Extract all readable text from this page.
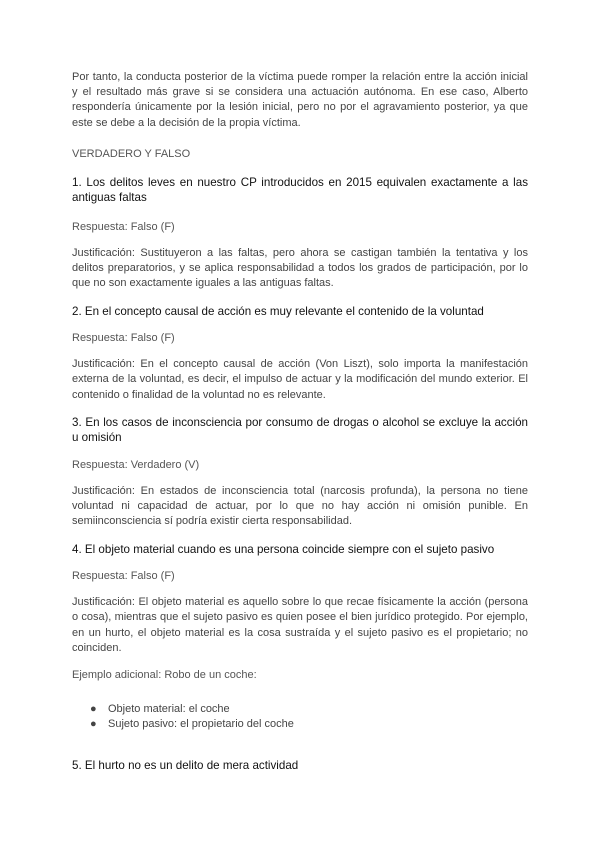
Por tanto, la conducta posterior de la víctima puede romper la relación entre la acción inicial y el resultado más grave si se considera una actuación autónoma. En ese caso, Alberto respondería únicamente por la lesión inicial, pero no por el agravamiento posterior, ya que este se debe a la decisión de la propia víctima.

VERDADERO Y FALSO

1. Los delitos leves en nuestro CP introducidos en 2015 equivalen exactamente a las antiguas faltas

Respuesta: Falso (F)

Justificación: Sustituyeron a las faltas, pero ahora se castigan también la tentativa y los delitos preparatorios, y se aplica responsabilidad a todos los grados de participación, por lo que no son exactamente iguales a las antiguas faltas.

2. En el concepto causal de acción es muy relevante el contenido de la voluntad

Respuesta: Falso (F)

Justificación: En el concepto causal de acción (Von Liszt), solo importa la manifestación externa de la voluntad, es decir, el impulso de actuar y la modificación del mundo exterior. El contenido o finalidad de la voluntad no es relevante.

3. En los casos de inconsciencia por consumo de drogas o alcohol se excluye la acción u omisión

Respuesta: Verdadero (V)

Justificación: En estados de inconsciencia total (narcosis profunda), la persona no tiene voluntad ni capacidad de actuar, por lo que no hay acción ni omisión punible. En semiinconsciencia sí podría existir cierta responsabilidad.

4. El objeto material cuando es una persona coincide siempre con el sujeto pasivo

Respuesta: Falso (F)

Justificación: El objeto material es aquello sobre lo que recae físicamente la acción (persona o cosa), mientras que el sujeto pasivo es quien posee el bien jurídico protegido. Por ejemplo, en un hurto, el objeto material es la cosa sustraída y el sujeto pasivo es el propietario; no coinciden.

Ejemplo adicional: Robo de un coche:

● Objeto material: el coche
● Sujeto pasivo: el propietario del coche

5. El hurto no es un delito de mera actividad
